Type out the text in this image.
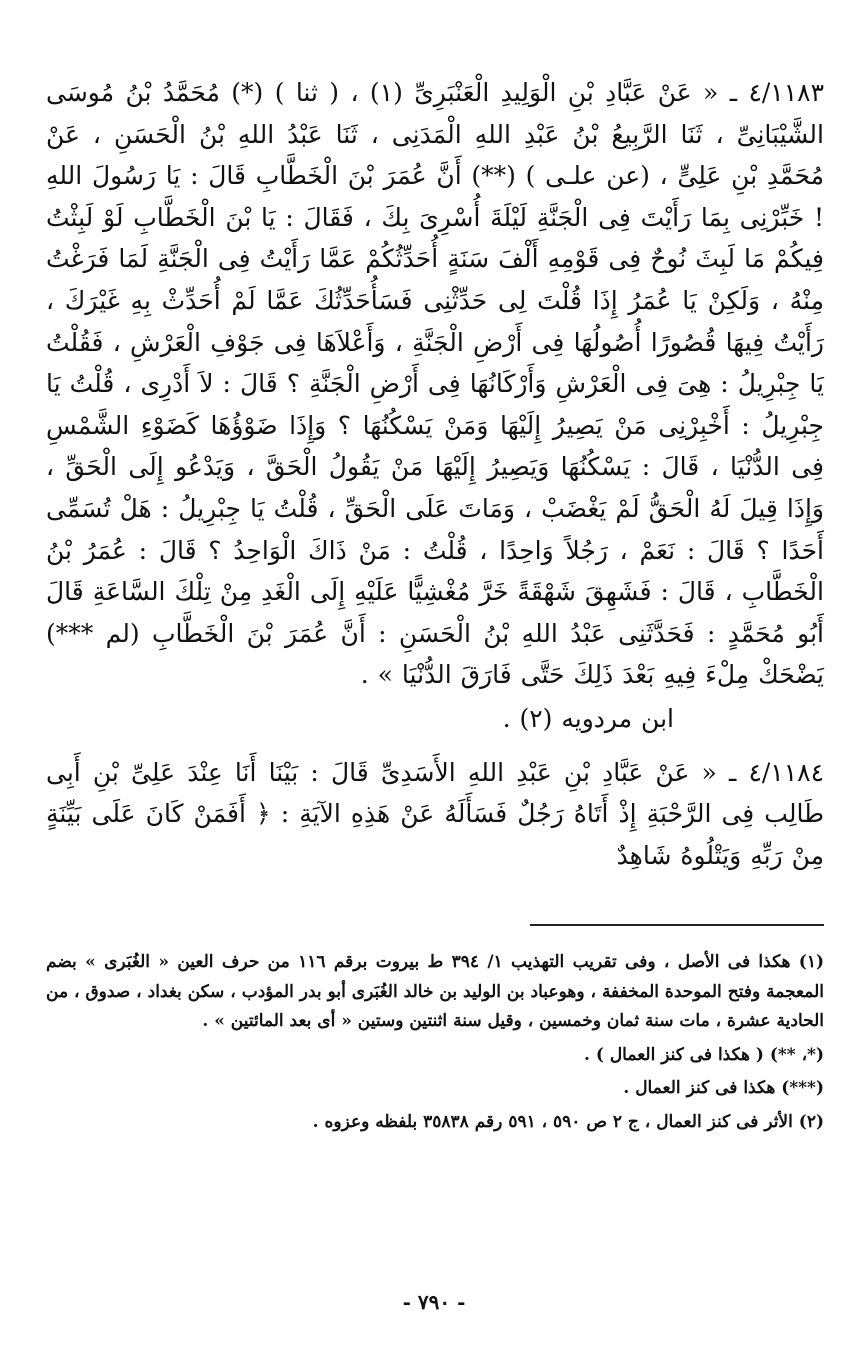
٤/١١٨٣ ـ « عَنْ عَبَّادِ بْنِ الْوَلِيدِ الْعَنْبَرِىِّ (١) ، ( ثنا ) (*) مُحَمَّدُ بْنُ مُوسَى الشَّيْبَانِىِّ ، ثَنَا الرَّبِيعُ بْنُ عَبْدِ اللهِ الْمَدَنِى ، ثَنَا عَبْدُ اللهِ بْنُ الْحَسَنِ ، عَنْ مُحَمَّدِ بْنِ عَلِىٍّ ، (عن علـى ) (**) أَنَّ عُمَرَ بْنَ الْخَطَّابِ قَالَ : يَا رَسُولَ اللهِ ! خَبِّرْنِى بِمَا رَأَيْتَ فِى الْجَنَّةِ لَيْلَةَ أُسْرِىَ بِكَ ، فَقَالَ : يَا بْنَ الْخَطَّابِ لَوْ لَبِثْتُ فِيكُمْ مَا لَبِثَ نُوحٌ فِى قَوْمِهِ أَلْفَ سَنَةٍ أُحَدِّثُكُمْ عَمَّا رَأَيْتُ فِى الْجَنَّةِ لَمَا فَرَغْتُ مِنْهُ ، وَلَكِنْ يَا عُمَرُ إِذَا قُلْتَ لِى حَدِّثْنِى فَسَأُحَدِّثُكَ عَمَّا لَمْ أُحَدِّثْ بِهِ غَيْرَكَ ، رَأَيْتُ فِيهَا قُصُورًا أُصُولُهَا فِى أَرْضِ الْجَنَّةِ ، وَأَعْلاَهَا فِى جَوْفِ الْعَرْشِ ، فَقُلْتُ يَا جِبْرِيلُ : هِىَ فِى الْعَرْشِ وَأَرْكَانُهَا فِى أَرْضِ الْجَنَّةِ ؟ قَالَ : لاَ أَدْرِى ، قُلْتُ يَا جِبْرِيلُ : أَخْبِرْنِى مَنْ يَصِيرُ إِلَيْهَا وَمَنْ يَسْكُنُهَا ؟ وَإِذَا ضَوْؤُهَا كَضَوْءِ الشَّمْسِ فِى الدُّنْيَا ، قَالَ : يَسْكُنُهَا وَيَصِيرُ إِلَيْهَا مَنْ يَقُولُ الْحَقَّ ، وَيَدْعُو إِلَى الْحَقِّ ، وَإِذَا قِيلَ لَهُ الْحَقُّ لَمْ يَغْضَبْ ، وَمَاتَ عَلَى الْحَقِّ ، قُلْتُ يَا جِبْرِيلُ : هَلْ تُسَمِّى أَحَدًا ؟ قَالَ : نَعَمْ ، رَجُلاً وَاحِدًا ، قُلْتُ : مَنْ ذَاكَ الْوَاحِدُ ؟ قَالَ : عُمَرُ بْنُ الْخَطَّابِ ، قَالَ : فَشَهِقَ شَهْقَةً خَرَّ مُغْشِيًّا عَلَيْهِ إِلَى الْغَدِ مِنْ تِلْكَ السَّاعَةِ قَالَ أَبُو مُحَمَّدٍ : فَحَدَّثَنِى عَبْدُ اللهِ بْنُ الْحَسَنِ : أَنَّ عُمَرَ بْنَ الْخَطَّابِ (لم ***) يَضْحَكْ مِلْءَ فِيهِ بَعْدَ ذَلِكَ حَتَّى فَارَقَ الدُّنْيَا » .

ابن مردويه (٢) .

٤/١١٨٤ ـ « عَنْ عَبَّادِ بْنِ عَبْدِ اللهِ الأَسَدِىِّ قَالَ : بَيْنَا أَنَا عِنْدَ عَلِىِّ بْنِ أَبِى طَالِب فِى الرَّحْبَةِ إِذْ أَتَاهُ رَجُلٌ فَسَأَلَهُ عَنْ هَذِهِ الآيَةِ : ﴿ أَفَمَنْ كَانَ عَلَى بَيِّنَةٍ مِنْ رَبِّهِ وَيَتْلُوهُ شَاهِدٌ

(١) هكذا فى الأصل ، وفى تقريب التهذيب ١/ ٣٩٤ ط بيروت برقم ١١٦ من حرف العين « الغُبَرى » بضم المعجمة وفتح الموحدة المخففة ، وهوعباد بن الوليد بن خالد الغُبَرى أبو بدر المؤدب ، سكن بغداد ، صدوق ، من الحادية عشرة ، مات سنة ثمان وخمسين ، وقيل سنة اثنتين وستين « أى بعد المائتين » .

(*، **) ( هكذا فى كنز العمال ) .

(***) هكذا فى كنز العمال .

(٢) الأثر فى كنز العمال ، ج ٢ ص ٥٩٠ ، ٥٩١ رقم ٣٥٨٣٨ بلفظه وعزوه .

- ٧٩٠ -
